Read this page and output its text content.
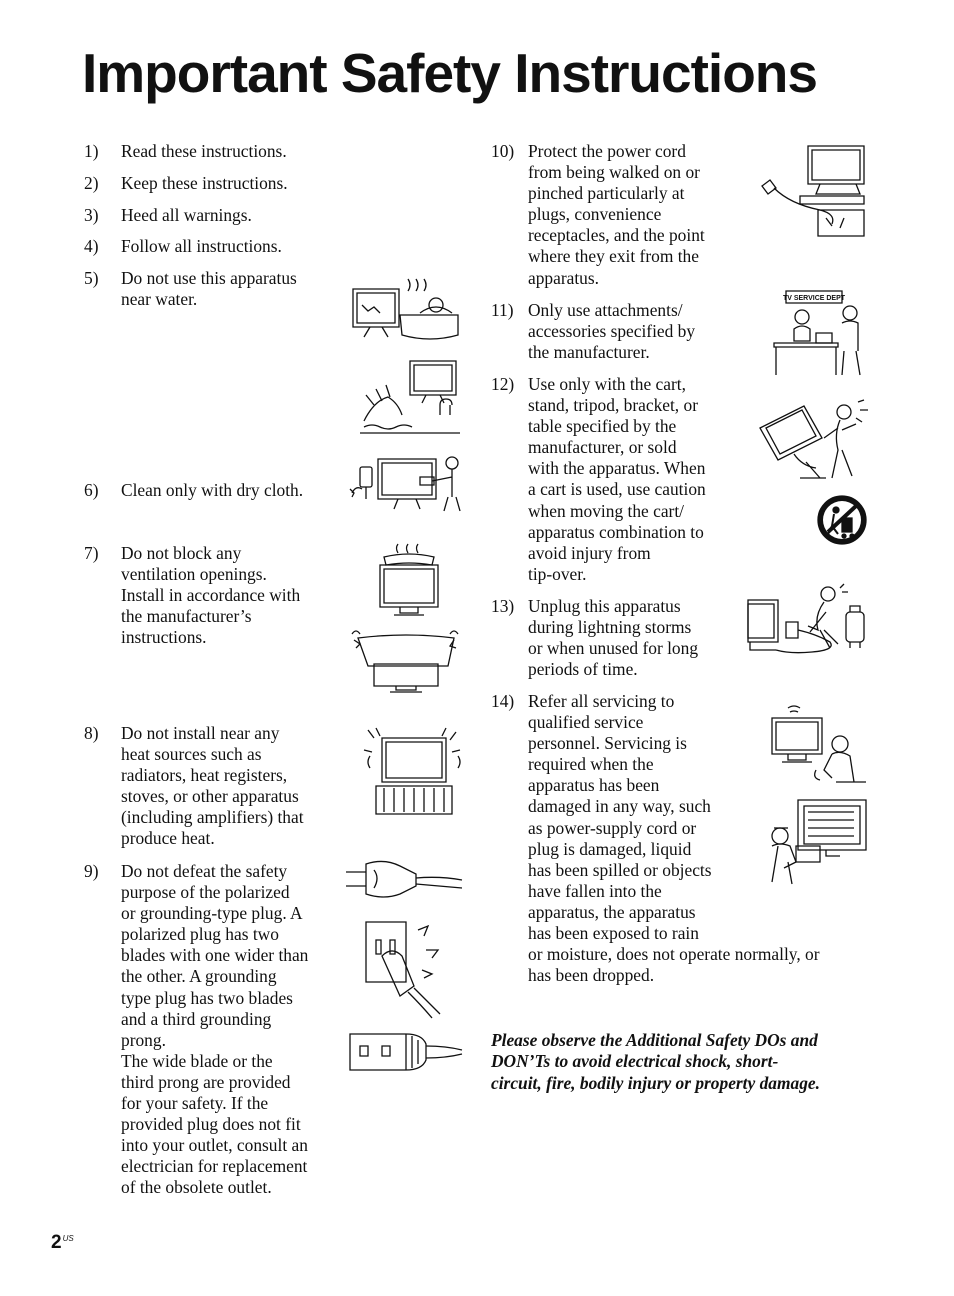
Important Safety Instructions
1) Read these instructions.
2) Keep these instructions.
3) Heed all warnings.
4) Follow all instructions.
5) Do not use this apparatus
near water.
6) Clean only with dry cloth.
7) Do not block any
ventilation openings.
Install in accordance with
the manufacturer’s
instructions.
8) Do not install near any
heat sources such as
radiators, heat registers,
stoves, or other apparatus
(including amplifiers) that
produce heat.
9) Do not defeat the safety
purpose of the polarized
or grounding-type plug. A
polarized plug has two
blades with one wider than
the other. A grounding
type plug has two blades
and a third grounding
prong.
The wide blade or the
third prong are provided
for your safety. If the
provided plug does not fit
into your outlet, consult an
electrician for replacement
of the obsolete outlet.
10) Protect the power cord
from being walked on or
pinched particularly at
plugs, convenience
receptacles, and the point
where they exit from the
apparatus.
11) Only use attachments/
accessories specified by
the manufacturer.
12) Use only with the cart,
stand, tripod, bracket, or
table specified by the
manufacturer, or sold
with the apparatus. When
a cart is used, use caution
when moving the cart/
apparatus combination to
avoid injury from
tip-over.
13) Unplug this apparatus
during lightning storms
or when unused for long
periods of time.
14) Refer all servicing to
qualified service
personnel. Servicing is
required when the
apparatus has been
damaged in any way, such
as power-supply cord or
plug is damaged, liquid
has been spilled or objects
have fallen into the
apparatus, the apparatus
has been exposed to rain
or moisture, does not operate normally, or
has been dropped.
TV SERVICE DEPT

Please observe the Additional Safety DOs and
DON’Ts to avoid electrical shock, short-
circuit, fire, bodily injury or property damage.

$2^{US}$
